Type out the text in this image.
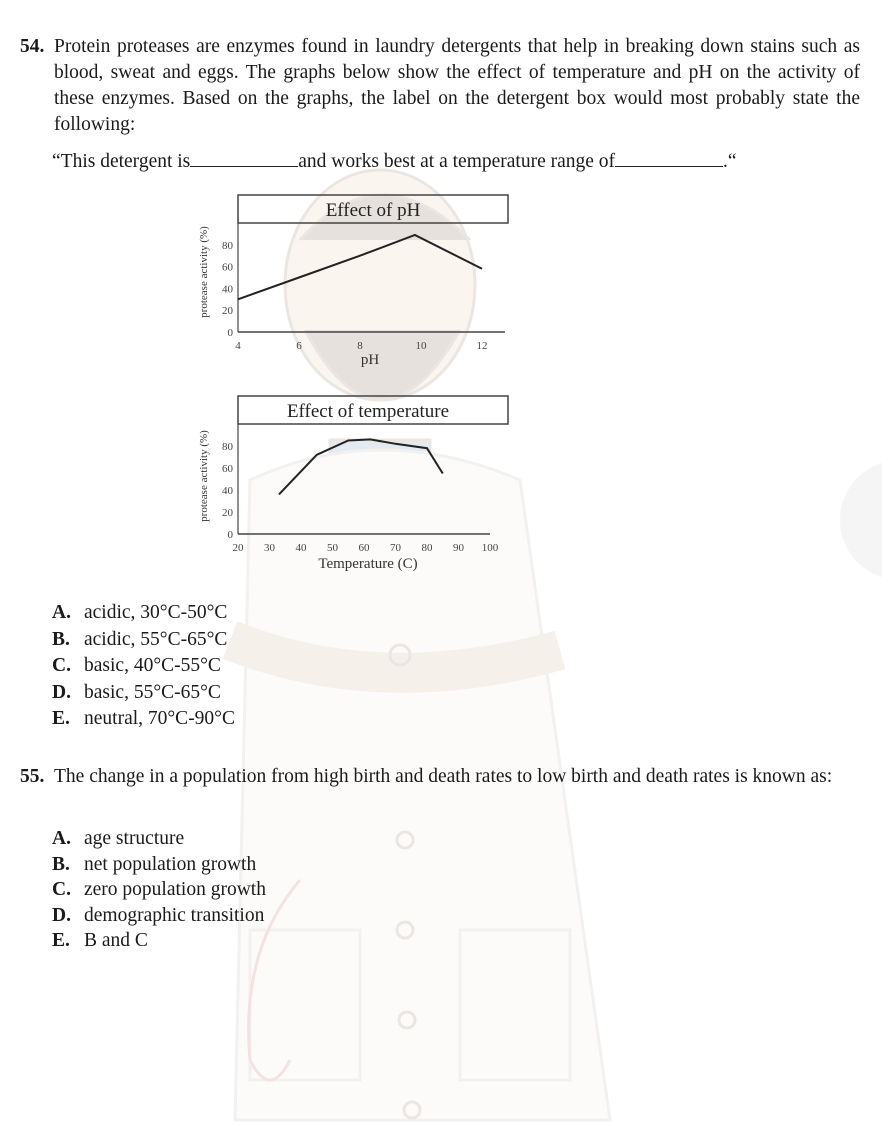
54. Protein proteases are enzymes found in laundry detergents that help in breaking down stains such as blood, sweat and eggs. The graphs below show the effect of temperature and pH on the activity of these enzymes. Based on the graphs, the label on the detergent box would most probably state the following:
“This detergent is	and works best at a temperature range of	.“
Effect of pH
0
20
40
60
80
4	6	8	10	12
pH
protease activity (%)
Effect of temperature
0
20
40
60
80
20 30 40 50 60 70 80 90 100
Temperature (C)
protease activity (%)
A. acidic, 30°C-50°C
B. acidic, 55°C-65°C
C. basic, 40°C-55°C
D. basic, 55°C-65°C
E. neutral, 70°C-90°C
55. The change in a population from high birth and death rates to low birth and death rates is known as:
A. age structure
B. net population growth
C. zero population growth
D. demographic transition
E. B and C
